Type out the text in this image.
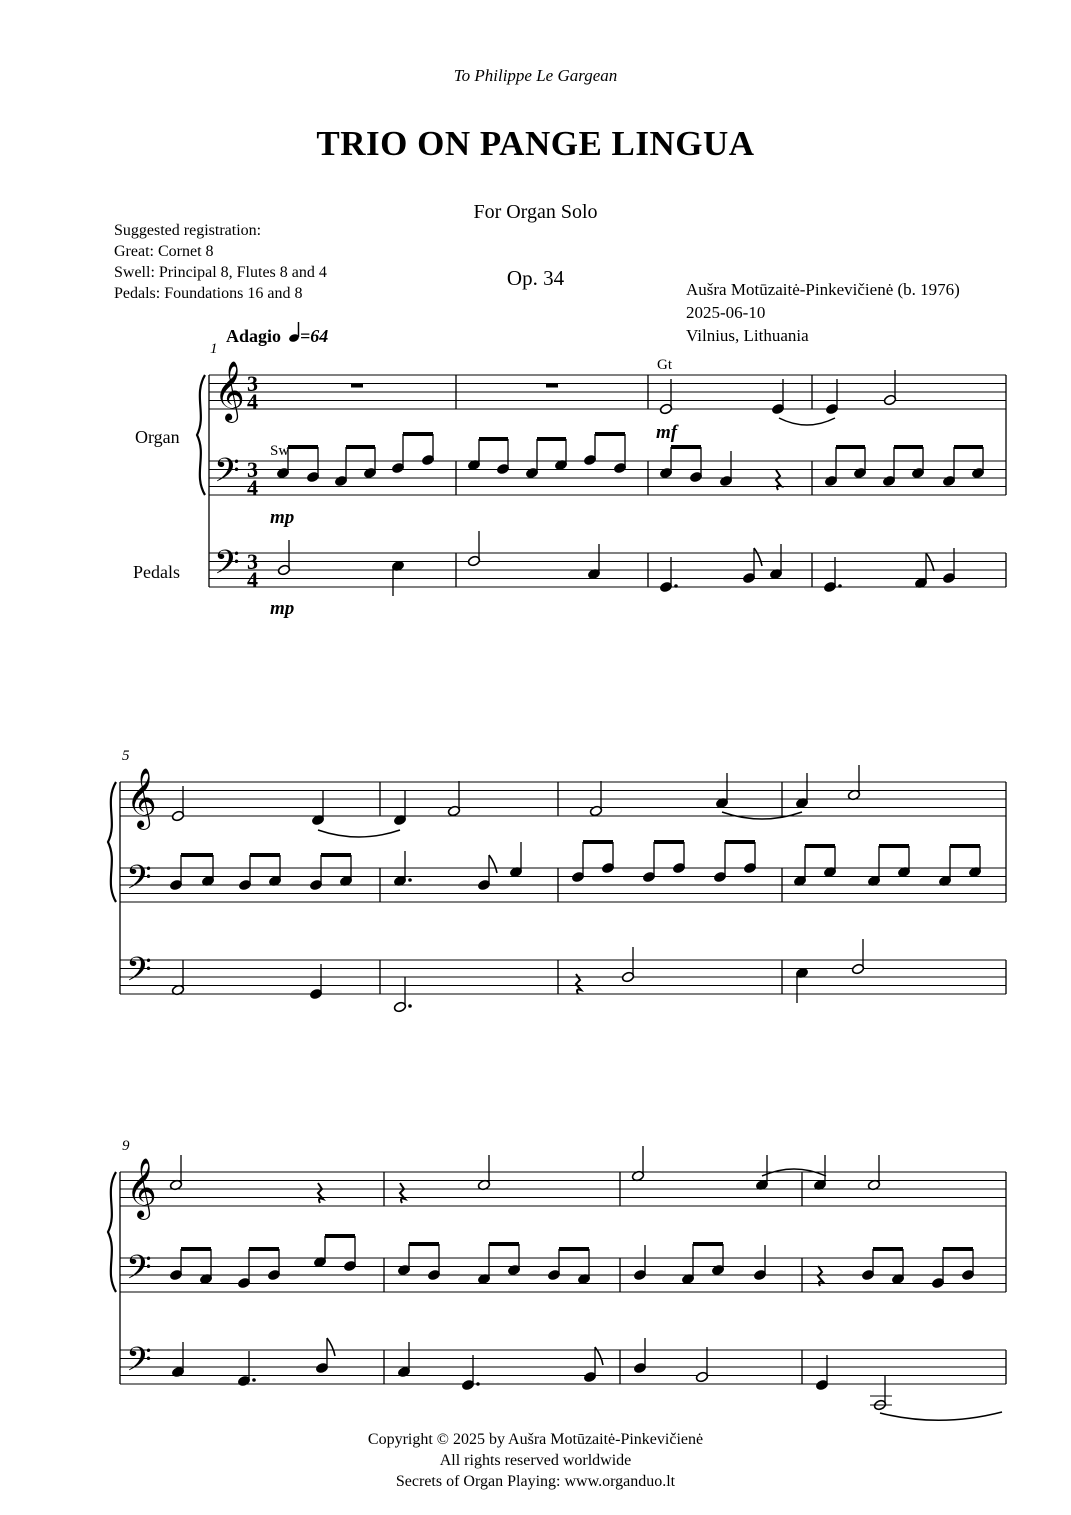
To Philippe Le Gargean
TRIO ON PANGE LINGUA
For Organ Solo
Op. 34
Suggested registration:
Great: Cornet 8
Swell: Principal 8, Flutes 8 and 4
Pedals: Foundations 16 and 8	Aušra Motūzaitė-Pinkevičienė (b. 1976)
2025-06-10
Vilnius, Lithuania
Adagio =64
1
5
9
Organ
Pedals
Gt
Sw
mp
mp
mf
𝄞
𝄢
𝄢
3
4
3
4
3
4
𝄞
𝄢
𝄢
𝄞
𝄢
𝄢
Copyright © 2025 by Aušra Motūzaitė-Pinkevičienė
All rights reserved worldwide
Secrets of Organ Playing: www.organduo.lt
